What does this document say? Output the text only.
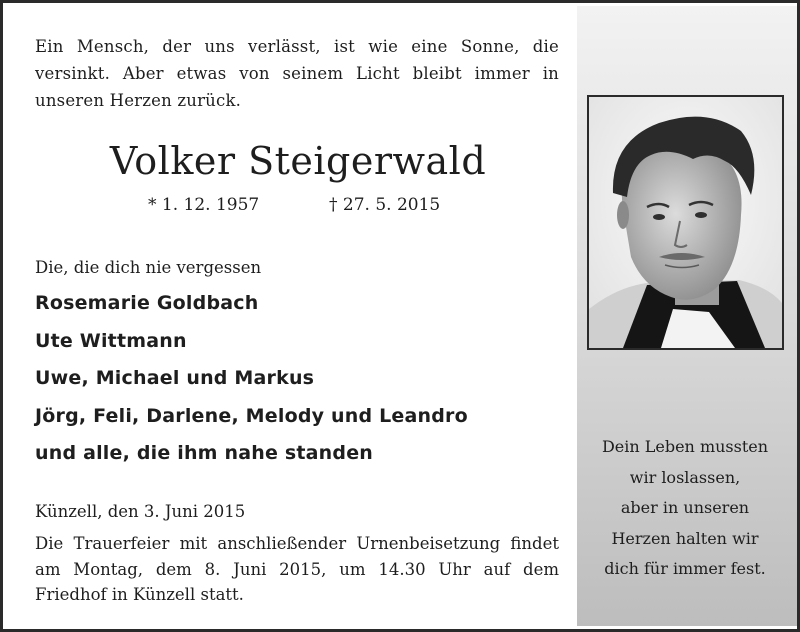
Ein Mensch, der uns verlässt, ist wie eine Sonne, die versinkt. Aber etwas von seinem Licht bleibt immer in unseren Herzen zurück.

Volker Steigerwald
* 1. 12. 1957	† 27. 5. 2015
Die, die dich nie vergessen
Rosemarie Goldbach
Ute Wittmann
Uwe, Michael und Markus
Jörg, Feli, Darlene, Melody und Leandro
und alle, die ihm nahe standen
Künzell, den 3. Juni 2015

Die Trauerfeier mit anschließender Urnenbeisetzung findet am Montag, dem 8. Juni 2015, um 14.30 Uhr auf dem Friedhof in Künzell statt.

Dein Leben mussten
wir loslassen,
aber in unseren
Herzen halten wir
dich für immer fest.
